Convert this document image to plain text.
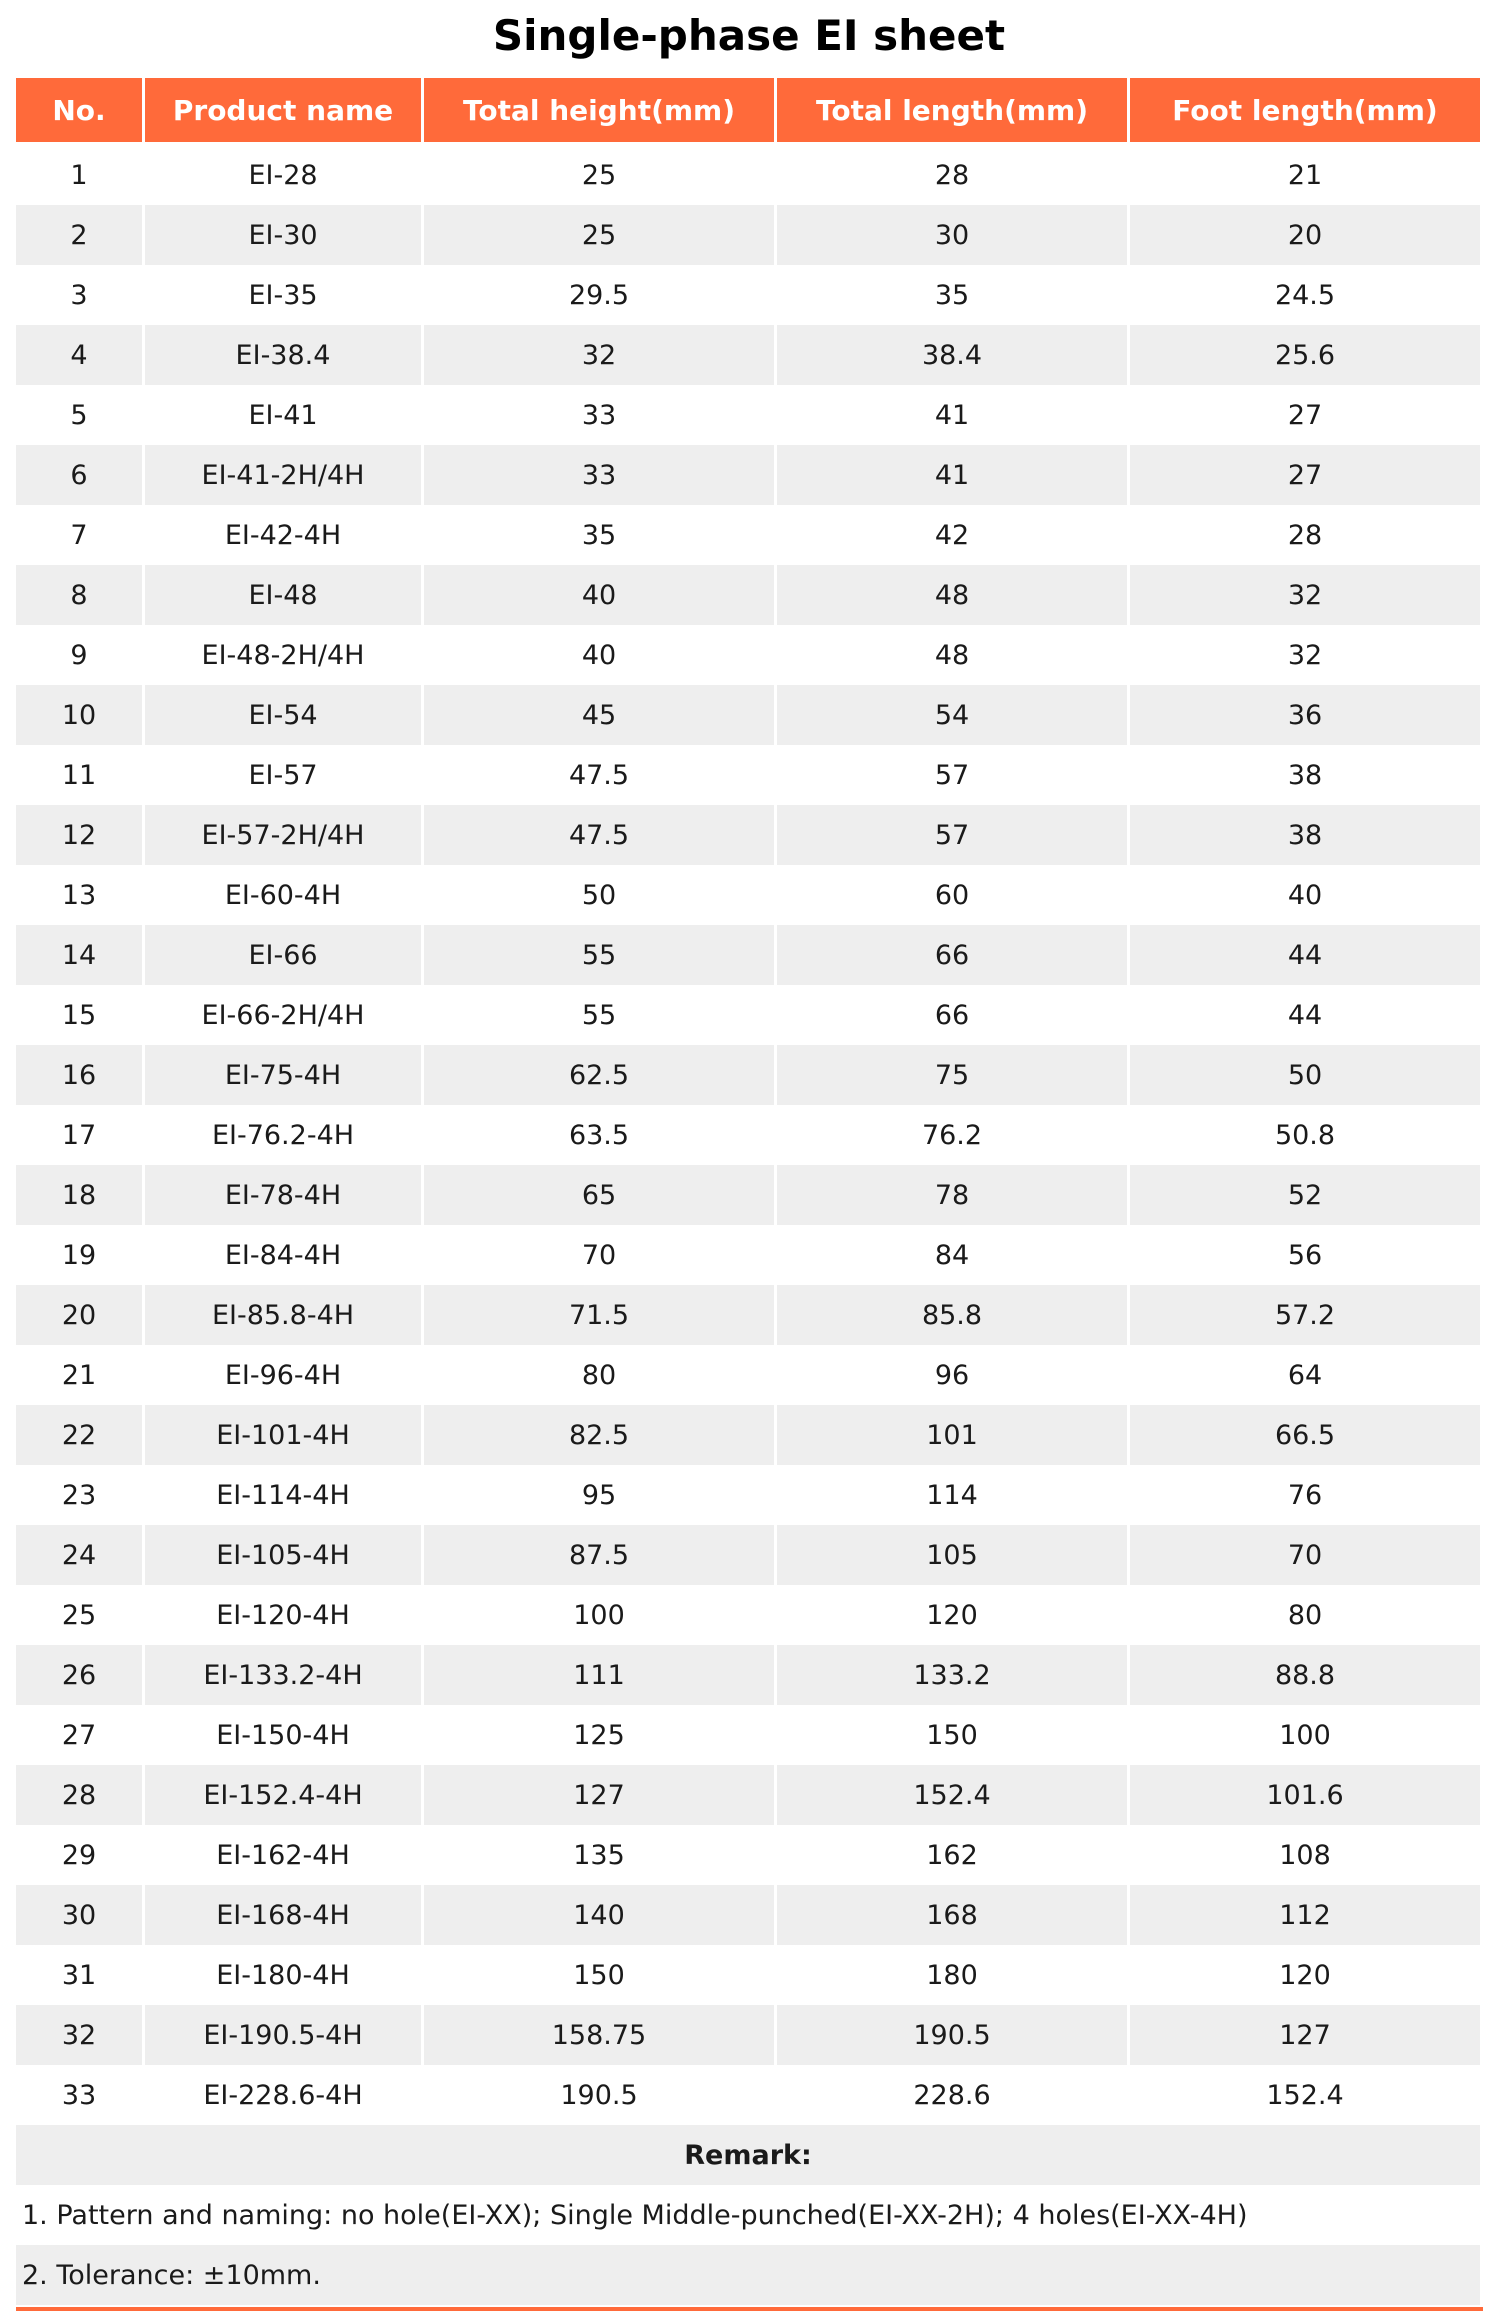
Single-phase EI sheet
No.	Product name	Total height(mm)	Total length(mm)	Foot length(mm)
1	EI-28	25	28	21
2	EI-30	25	30	20
3	EI-35	29.5	35	24.5
4	EI-38.4	32	38.4	25.6
5	EI-41	33	41	27
6	EI-41-2H/4H	33	41	27
7	EI-42-4H	35	42	28
8	EI-48	40	48	32
9	EI-48-2H/4H	40	48	32
10	EI-54	45	54	36
11	EI-57	47.5	57	38
12	EI-57-2H/4H	47.5	57	38
13	EI-60-4H	50	60	40
14	EI-66	55	66	44
15	EI-66-2H/4H	55	66	44
16	EI-75-4H	62.5	75	50
17	EI-76.2-4H	63.5	76.2	50.8
18	EI-78-4H	65	78	52
19	EI-84-4H	70	84	56
20	EI-85.8-4H	71.5	85.8	57.2
21	EI-96-4H	80	96	64
22	EI-101-4H	82.5	101	66.5
23	EI-114-4H	95	114	76
24	EI-105-4H	87.5	105	70
25	EI-120-4H	100	120	80
26	EI-133.2-4H	111	133.2	88.8
27	EI-150-4H	125	150	100
28	EI-152.4-4H	127	152.4	101.6
29	EI-162-4H	135	162	108
30	EI-168-4H	140	168	112
31	EI-180-4H	150	180	120
32	EI-190.5-4H	158.75	190.5	127
33	EI-228.6-4H	190.5	228.6	152.4
Remark:				
1. Pattern and naming: no hole(EI-XX); Single Middle-punched(EI-XX-2H); 4 holes(EI-XX-4H)				
2. Tolerance: ±10mm.				
